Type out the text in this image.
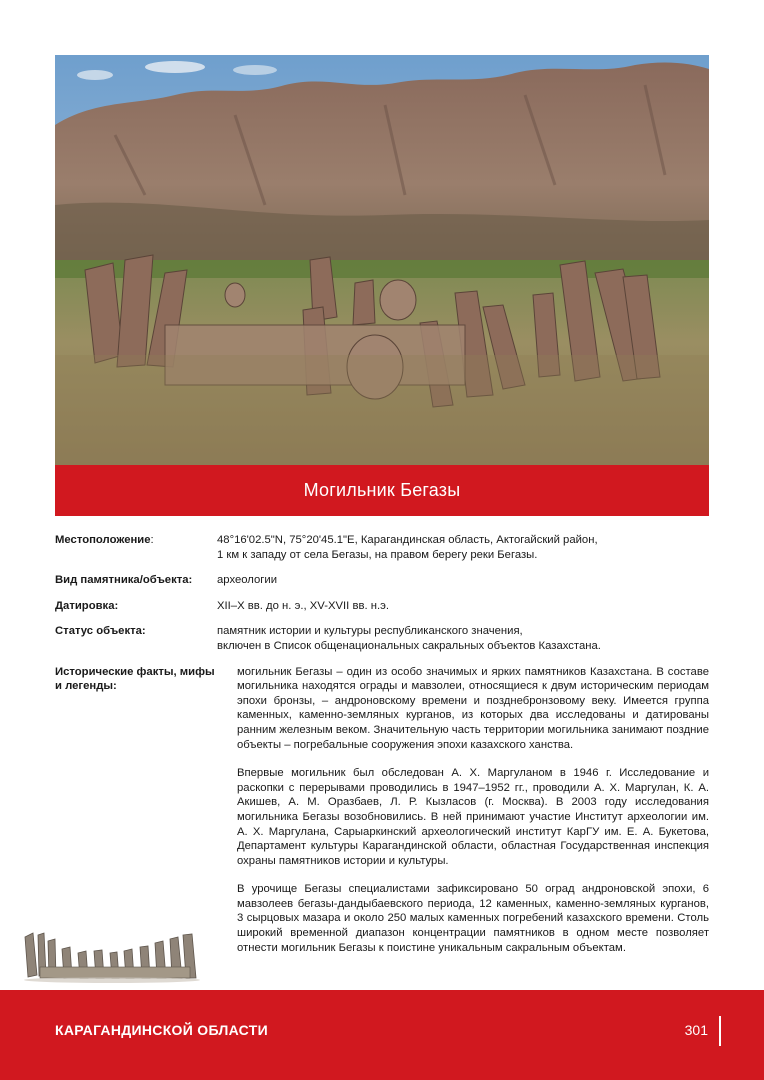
Могильник Бегазы
Местоположение:	48°16'02.5"N, 75°20'45.1"E, Карагандинская область, Актогайский район,

1 км к западу от села Бегазы, на правом берегу реки Бегазы.

Вид памятника/объекта:	археологии

Датировка:	XII–X вв. до н. э., XV-XVII вв. н.э.

Статус объекта:	памятник истории и культуры республиканского значения,

включен в Список общенациональных сакральных объектов Казахстана.

Исторические факты, мифы и легенды:

могильник Бегазы – один из особо значимых и ярких памятников Казахстана. В составе могильника находятся ограды и мавзолеи, относящиеся к двум историческим периодам эпохи бронзы, – андроновскому времени и позднебронзовому веку. Имеется группа каменных, каменно-земляных курганов, из которых два исследованы и датированы ранним железным веком. Значительную часть территории могильника занимают поздние объекты – погребальные сооружения эпохи казахского ханства.

Впервые могильник был обследован А. Х. Маргуланом в 1946 г. Исследование и раскопки с перерывами проводились в 1947–1952 гг., проводили А. Х. Маргулан, К. А. Акишев, А. М. Оразбаев, Л. Р. Кызласов (г. Москва). В 2003 году исследования могильника Бегазы возобновились. В ней принимают участие Институт археологии им. А. Х. Маргулана, Сарыаркинский археологический институт КарГУ им. Е. А. Букетова, Департамент культуры Карагандинской области, областная Государственная инспекция охраны памятников истории и культуры.

В урочище Бегазы специалистами зафиксировано 50 оград андроновской эпохи, 6 мавзолеев бегазы-дандыбаевского периода, 12 каменных, каменно-земляных курганов, 3 сырцовых мазара и около 250 малых каменных погребений казахского времени. Столь широкий временной диапазон концентрации памятников в одном месте позволяет отнести могильник Бегазы к поистине уникальным сакральным объектам.

КАРАГАНДИНСКОЙ ОБЛАСТИ	301
